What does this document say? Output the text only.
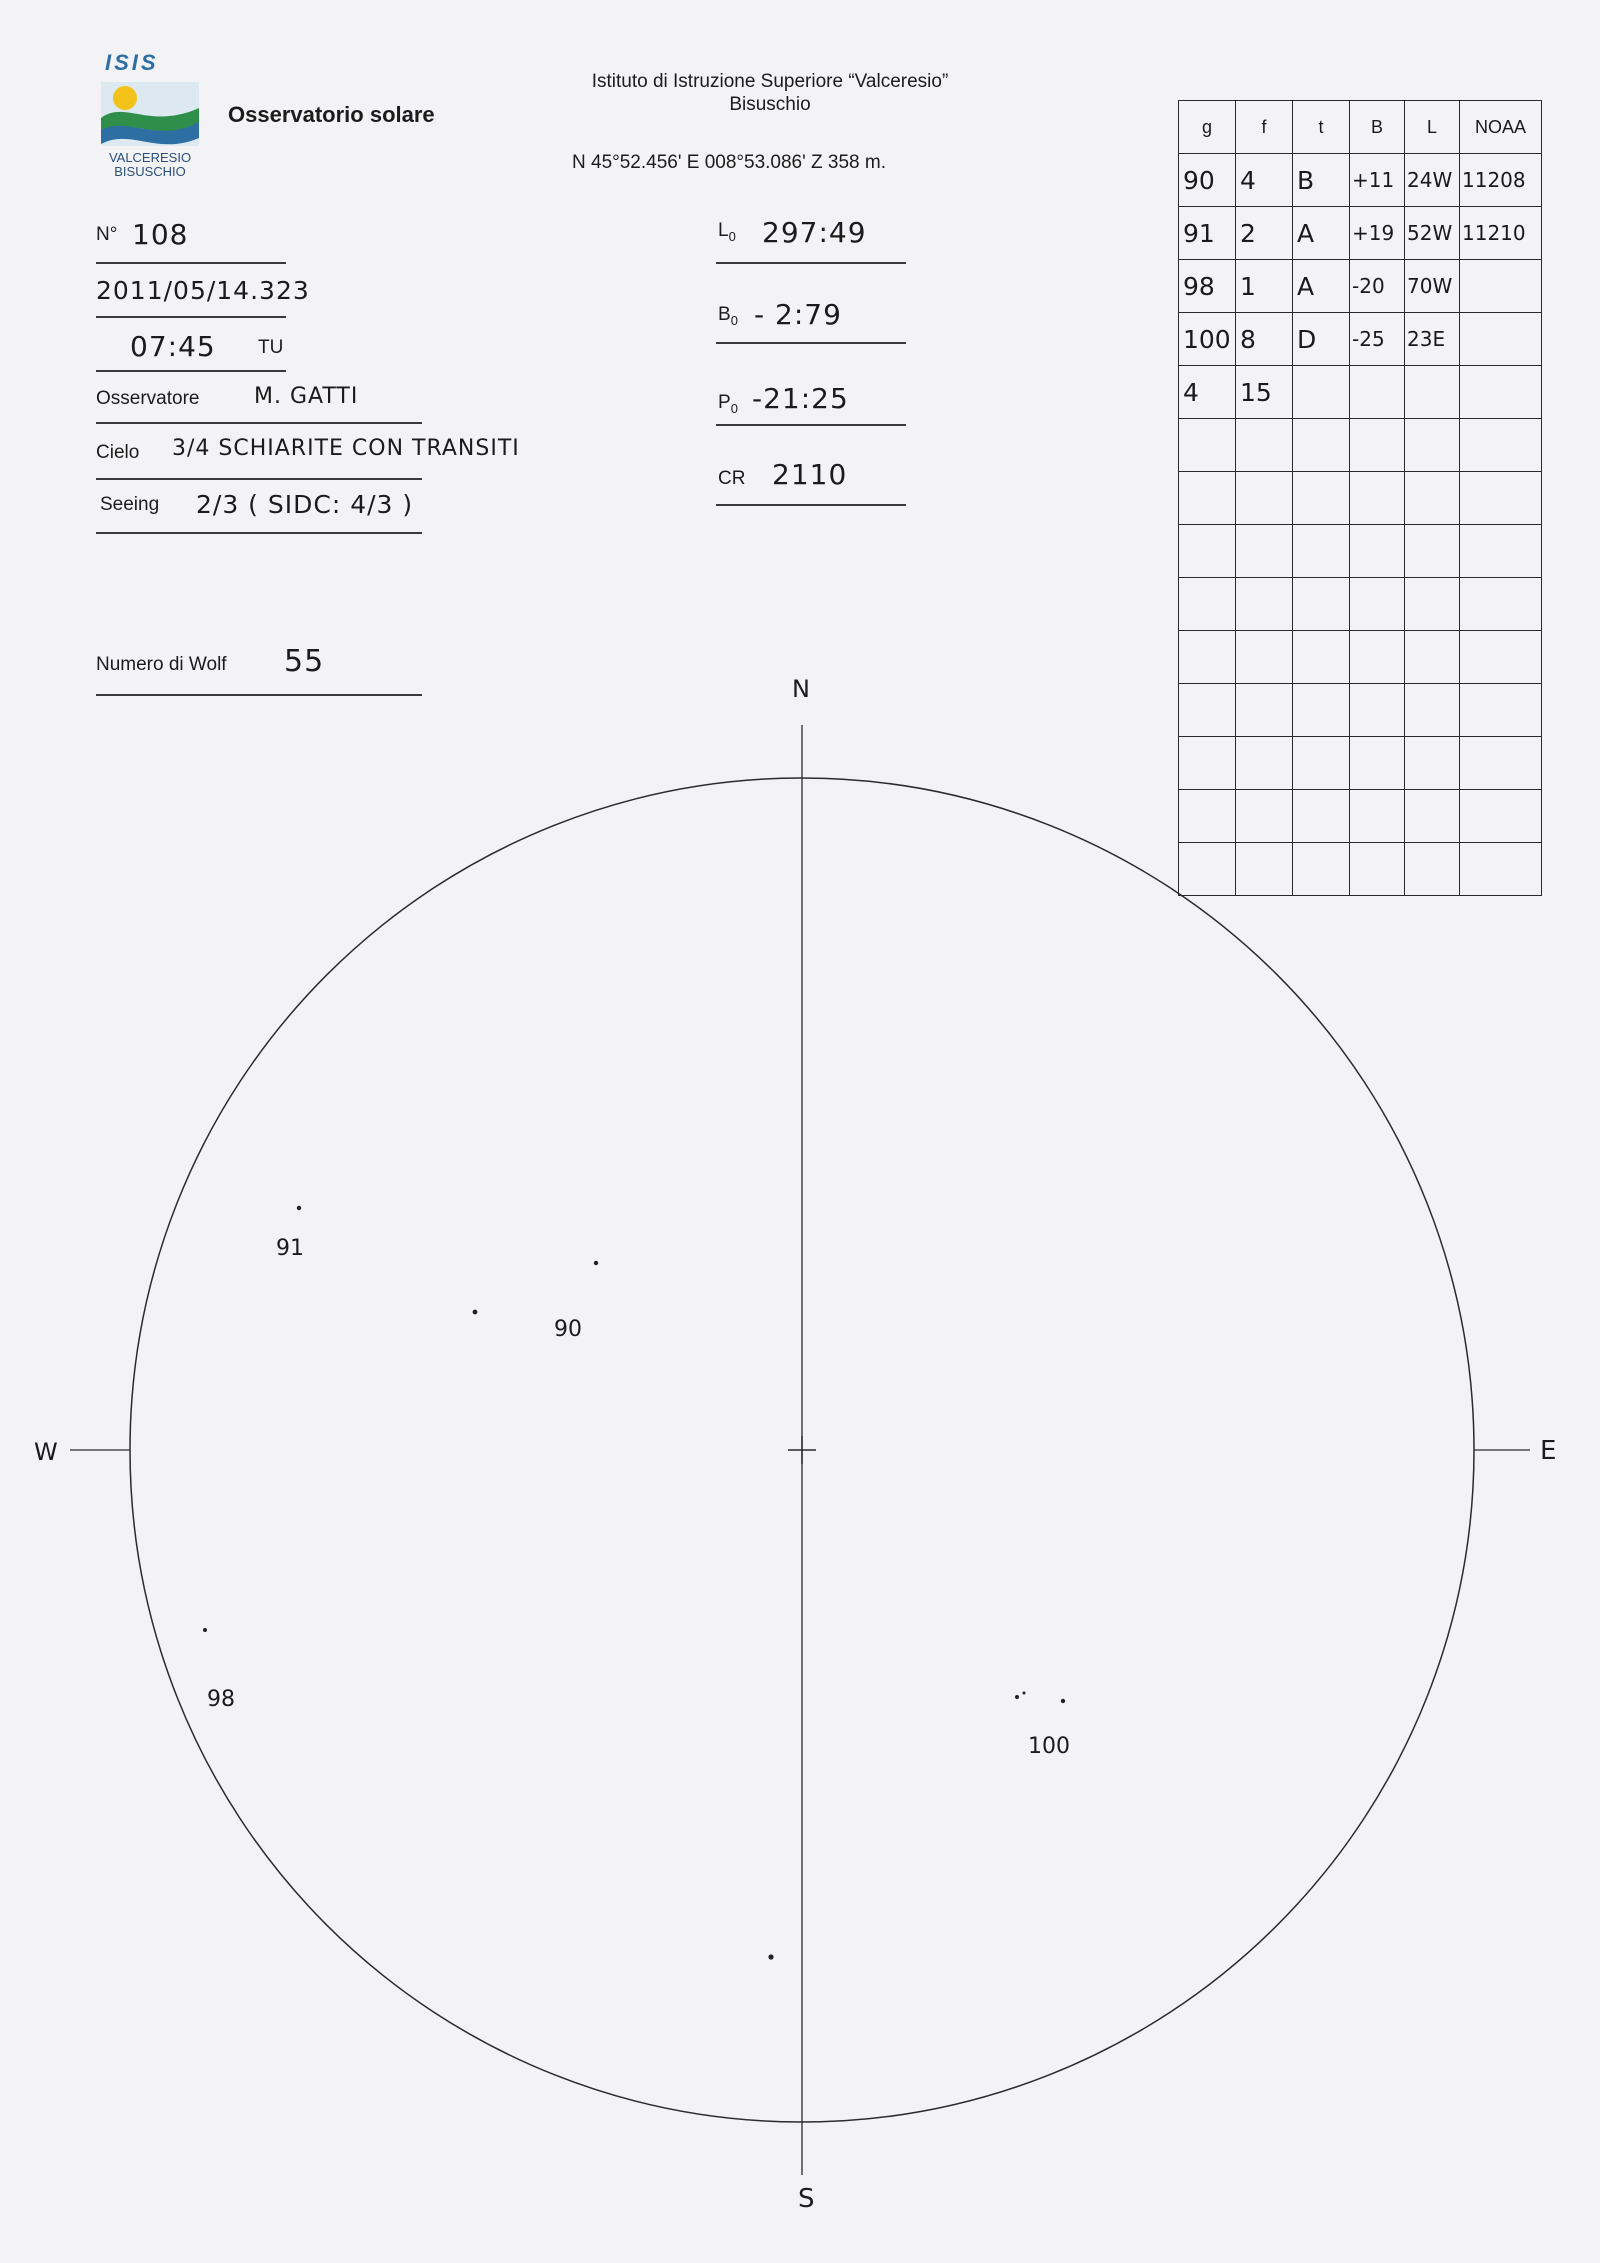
ISIS
VALCERESIO
BISUSCHIO
Osservatorio solare
Istituto di Istruzione Superiore “Valceresio”
Bisuschio
N 45°52.456' E 008°53.086' Z 358 m.
N° 108
2011/05/14.323
07:45 TU
Osservatore M. GATTI
Cielo 3/4 SCHIARITE CON TRANSITI
Seeing 2/3 ( SIDC: 4/3 )
Numero di Wolf 55
$L_0$ 297:49
$B_0$ - 2:79
$P_0$ -21:25
CR 2110
g	f	t	B	L	NOAA
90	4	B	+11	24W	11208
91	2	A	+19	52W	11210
98	1	A	-20	70W	
100	8	D	-25	23E	
4	15				

N
S
E
W
91
90
98
100
